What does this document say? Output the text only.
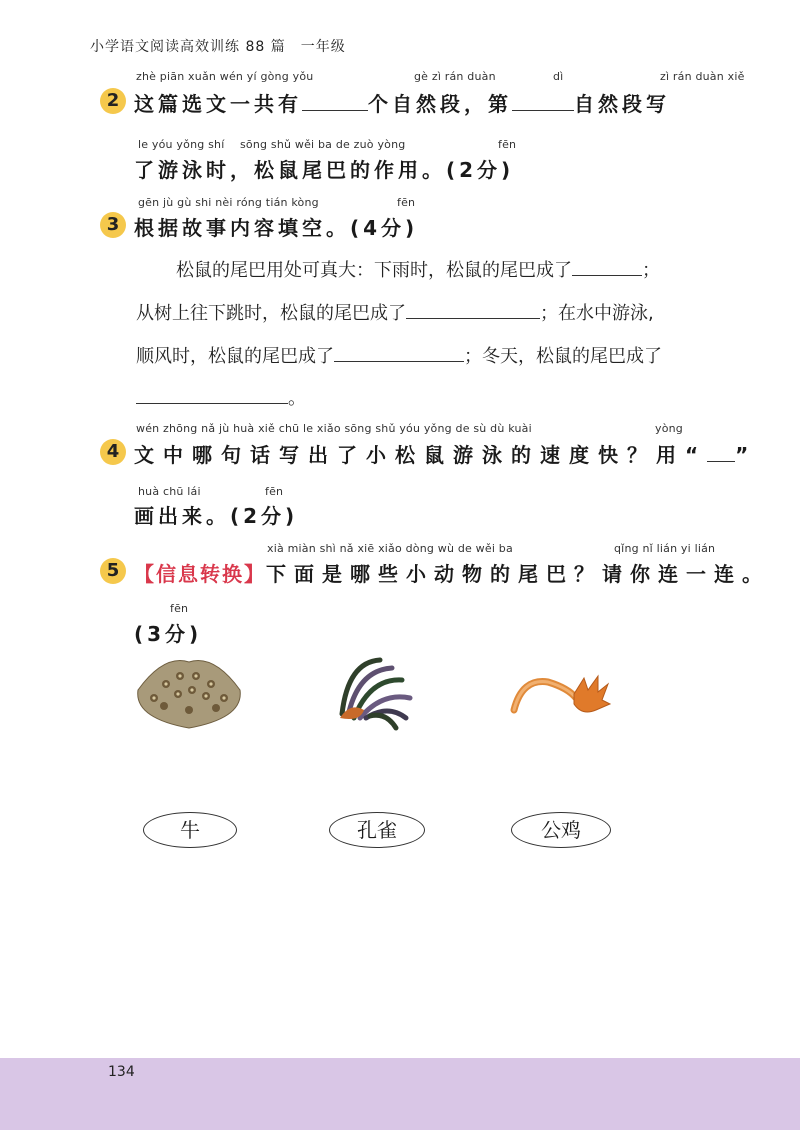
小学语文阅读高效训练 88 篇　一年级
zhè piān xuǎn wén yí gòng yǒu	gè zì rán duàn	dì	zì rán duàn xiě
2 这篇选文一共有	个自然段，第	自然段写
le yóu yǒng shí sōng shǔ wěi ba de zuò yòng	fēn
了游泳时，松鼠尾巴的作用。(2分)
gēn jù gù shi nèi róng tián kòng	fēn
3 根据故事内容填空。(4分)
松鼠的尾巴用处可真大：下雨时，松鼠的尾巴成了	；
从树上往下跳时，松鼠的尾巴成了	；在水中游泳,
顺风时，松鼠的尾巴成了	；冬天，松鼠的尾巴成了
。
wén zhōng nǎ jù huà xiě chū le xiǎo sōng shǔ yóu yǒng de sù dù kuài	yòng
4 文中哪句话写出了小松鼠游泳的速度快？用“ ”
huà chū lái	fēn
画出来。(2分)
xià miàn shì nǎ xiē xiǎo dòng wù de wěi ba	qǐng nǐ lián yi lián
5 【信息转换】下面是哪些小动物的尾巴？请你连一连。
fēn
(3分)
牛	孔雀	公鸡
134
